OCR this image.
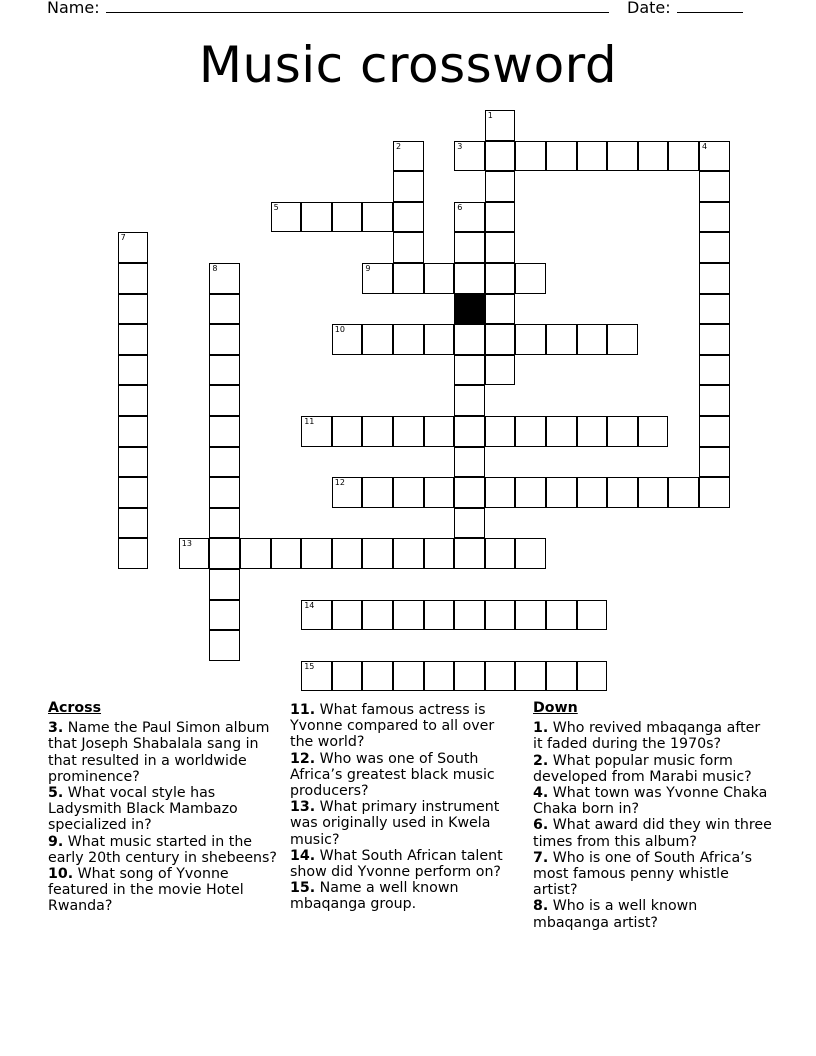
Name:	Date:
Music crossword
3	4
5
9
10
11
12
13
14
15
1
2
6
7
8
Across
3. Name the Paul Simon album that Joseph Shabalala sang in that resulted in a worldwide prominence?
5. What vocal style has Ladysmith Black Mambazo specialized in?
9. What music started in the early 20th century in shebeens?
10. What song of Yvonne featured in the movie Hotel Rwanda?
11. What famous actress is Yvonne compared to all over the world?
12. Who was one of South Africa’s greatest black music producers?
13. What primary instrument was originally used in Kwela music?
14. What South African talent show did Yvonne perform on?
15. Name a well known mbaqanga group.
Down
1. Who revived mbaqanga after it faded during the 1970s?
2. What popular music form developed from Marabi music?
4. What town was Yvonne Chaka Chaka born in?
6. What award did they win three times from this album?
7. Who is one of South Africa’s most famous penny whistle artist?
8. Who is a well known mbaqanga artist?
